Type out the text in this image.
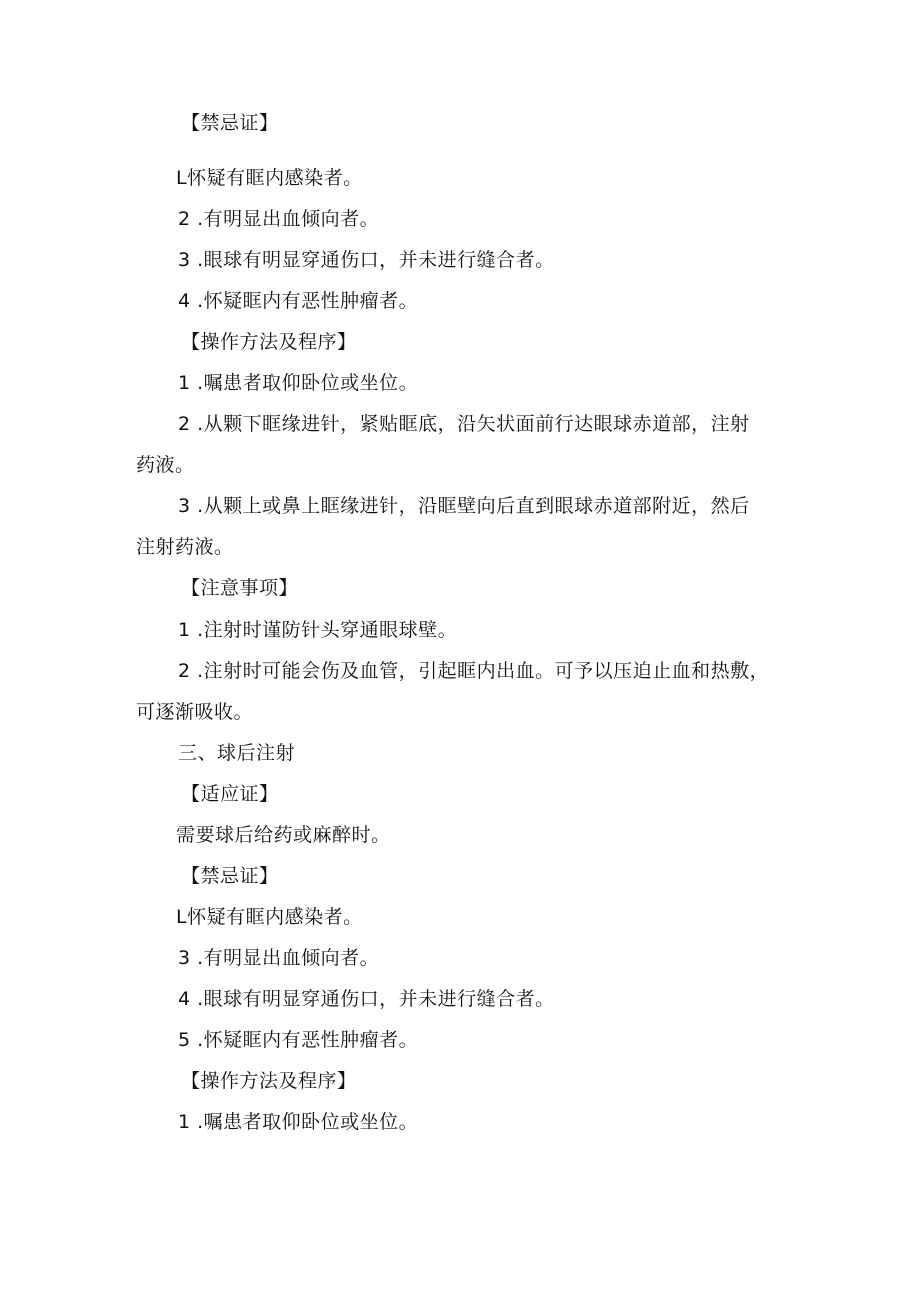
【禁忌证】
L怀疑有眶内感染者。
2 .有明显出血倾向者。
3 .眼球有明显穿通伤口，并未进行缝合者。
4 .怀疑眶内有恶性肿瘤者。
【操作方法及程序】
1 .嘱患者取仰卧位或坐位。
2 .从颗下眶缘进针，紧贴眶底，沿矢状面前行达眼球赤道部，注射
药液。
3 .从颗上或鼻上眶缘进针，沿眶壁向后直到眼球赤道部附近，然后
注射药液。
【注意事项】
1 .注射时谨防针头穿通眼球壁。
2 .注射时可能会伤及血管，引起眶内出血。可予以压迫止血和热敷，
可逐渐吸收。
三、球后注射
【适应证】
需要球后给药或麻醉时。
【禁忌证】
L怀疑有眶内感染者。
3 .有明显出血倾向者。
4 .眼球有明显穿通伤口，并未进行缝合者。
5 .怀疑眶内有恶性肿瘤者。
【操作方法及程序】
1 .嘱患者取仰卧位或坐位。
